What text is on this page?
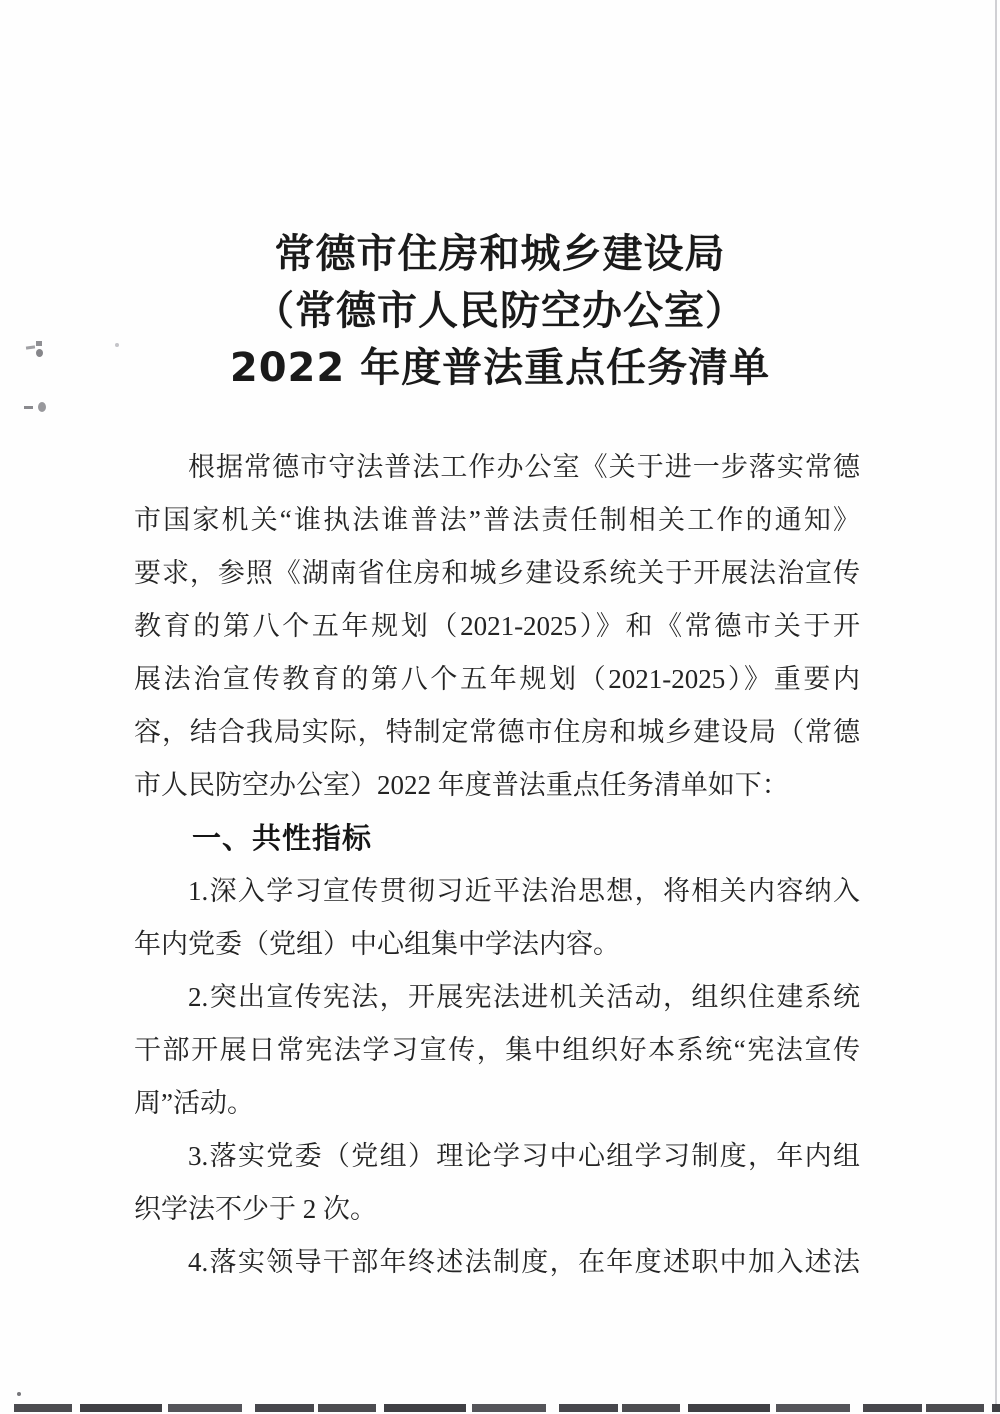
常德市住房和城乡建设局
（常德市人民防空办公室）
2022 年度普法重点任务清单
根据常德市守法普法工作办公室《关于进一步落实常德
市国家机关“谁执法谁普法”普法责任制相关工作的通知》
要求，参照《湖南省住房和城乡建设系统关于开展法治宣传
教育的第八个五年规划（2021-2025）》和《常德市关于开
展法治宣传教育的第八个五年规划（2021-2025）》重要内
容，结合我局实际，特制定常德市住房和城乡建设局（常德
市人民防空办公室）2022 年度普法重点任务清单如下：
一、共性指标
1.深入学习宣传贯彻习近平法治思想，将相关内容纳入
年内党委（党组）中心组集中学法内容。
2.突出宣传宪法，开展宪法进机关活动，组织住建系统
干部开展日常宪法学习宣传，集中组织好本系统“宪法宣传
周”活动。
3.落实党委（党组）理论学习中心组学习制度，年内组
织学法不少于 2 次。
4.落实领导干部年终述法制度，在年度述职中加入述法
